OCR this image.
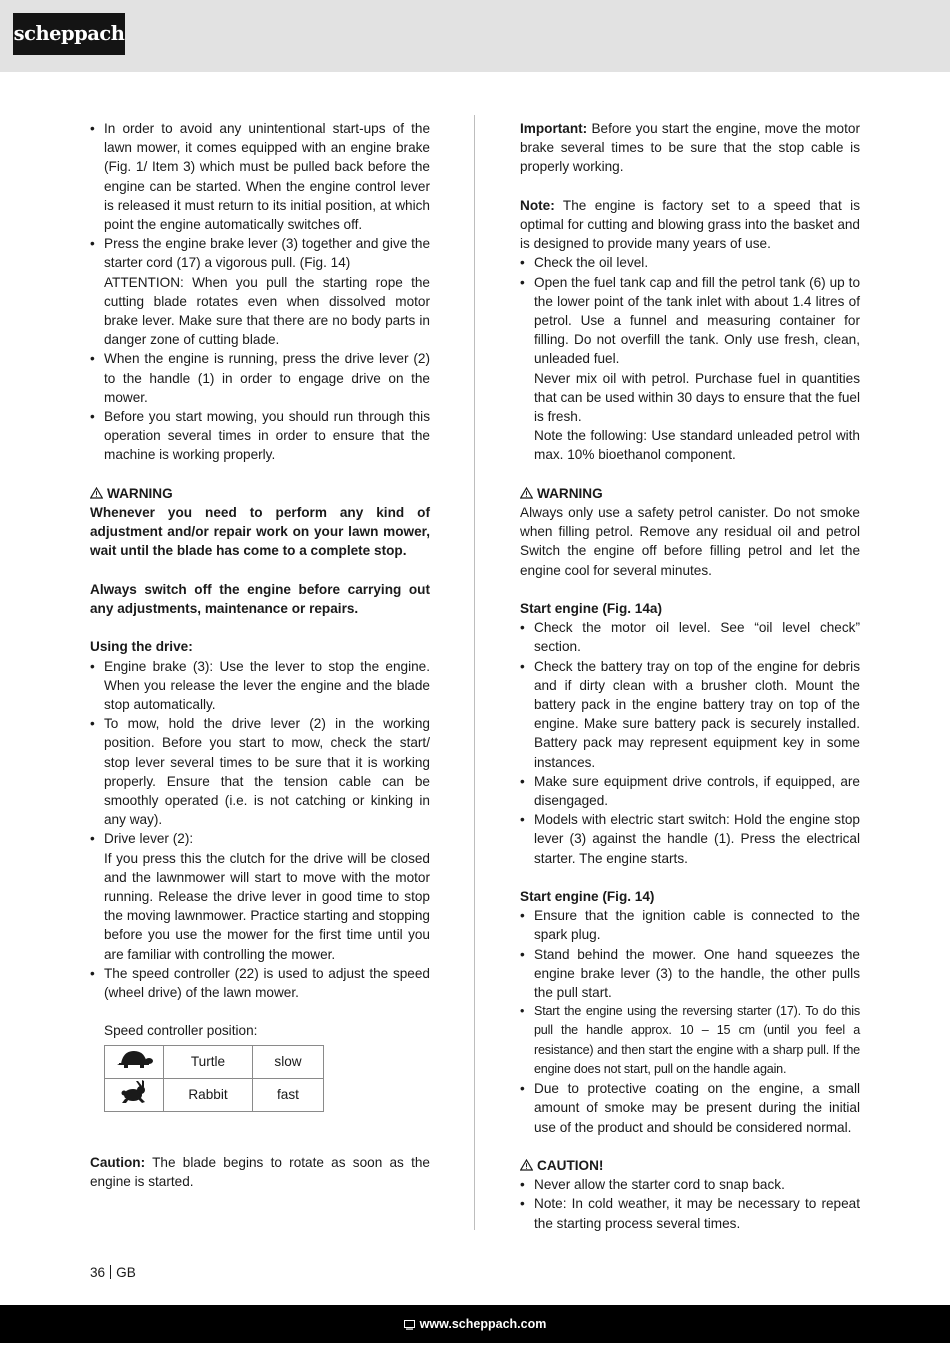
scheppach
• In order to avoid any unintentional start-ups of the lawn mower, it comes equipped with an engine brake (Fig. 1/ Item 3) which must be pulled back before the engine can be started. When the engine control lever is released it must return to its initial position, at which point the engine automatically switches off.
• Press the engine brake lever (3) together and give the starter cord (17) a vigorous pull. (Fig. 14)
ATTENTION: When you pull the starting rope the cutting blade rotates even when dissolved motor brake lever. Make sure that there are no body parts in danger zone of cutting blade.
• When the engine is running, press the drive lever (2) to the handle (1) in order to engage drive on the mower.
• Before you start mowing, you should run through this operation several times in order to ensure that the machine is working properly.

WARNING

Whenever you need to perform any kind of adjustment and/or repair work on your lawn mower, wait until the blade has come to a complete stop.

Always switch off the engine before carrying out any adjustments, maintenance or repairs.

Using the drive:

• Engine brake (3): Use the lever to stop the engine. When you release the lever the engine and the blade stop automatically.
• To mow, hold the drive lever (2) in the working position. Before you start to mow, check the start/ stop lever several times to be sure that it is working properly. Ensure that the tension cable can be smoothly operated (i.e. is not catching or kinking in any way).
• Drive lever (2):
If you press this the clutch for the drive will be closed and the lawnmower will start to move with the motor running. Release the drive lever in good time to stop the moving lawnmower. Practice starting and stopping before you use the mower for the first time until you are familiar with controlling the mower.
• The speed controller (22) is used to adjust the speed (wheel drive) of the lawn mower.

Speed controller position:

	Turtle	slow
	Rabbit	fast

Caution: The blade begins to rotate as soon as the engine is started.

Important: Before you start the engine, move the motor brake several times to be sure that the stop cable is properly working.

Note: The engine is factory set to a speed that is optimal for cutting and blowing grass into the basket and is designed to provide many years of use.

• Check the oil level.
• Open the fuel tank cap and fill the petrol tank (6) up to the lower point of the tank inlet with about 1.4 litres of petrol. Use a funnel and measuring container for filling. Do not overfill the tank. Only use fresh, clean, unleaded fuel.
Never mix oil with petrol. Purchase fuel in quantities that can be used within 30 days to ensure that the fuel is fresh.
Note the following: Use standard unleaded petrol with max. 10% bioethanol component.

WARNING

Always only use a safety petrol canister. Do not smoke when filling petrol. Remove any residual oil and petrol Switch the engine off before filling petrol and let the engine cool for several minutes.

Start engine (Fig. 14a)

• Check the motor oil level. See “oil level check” section.
• Check the battery tray on top of the engine for debris and if dirty clean with a brusher cloth. Mount the battery pack in the engine battery tray on top of the engine. Make sure battery pack is securely installed. Battery pack may represent equipment key in some instances.
• Make sure equipment drive controls, if equipped, are disengaged.
• Models with electric start switch: Hold the engine stop lever (3) against the handle (1). Press the electrical starter. The engine starts.

Start engine (Fig. 14)

• Ensure that the ignition cable is connected to the spark plug.
• Stand behind the mower. One hand squeezes the engine brake lever (3) to the handle, the other pulls the pull start.
• Start the engine using the reversing starter (17). To do this pull the handle approx. 10 – 15 cm (until you feel a resistance) and then start the engine with a sharp pull. If the engine does not start, pull on the handle again.
• Due to protective coating on the engine, a small amount of smoke may be present during the initial use of the product and should be considered normal.

CAUTION!

• Never allow the starter cord to snap back.
• Note: In cold weather, it may be necessary to repeat the starting process several times.
36 GB
www.scheppach.com
